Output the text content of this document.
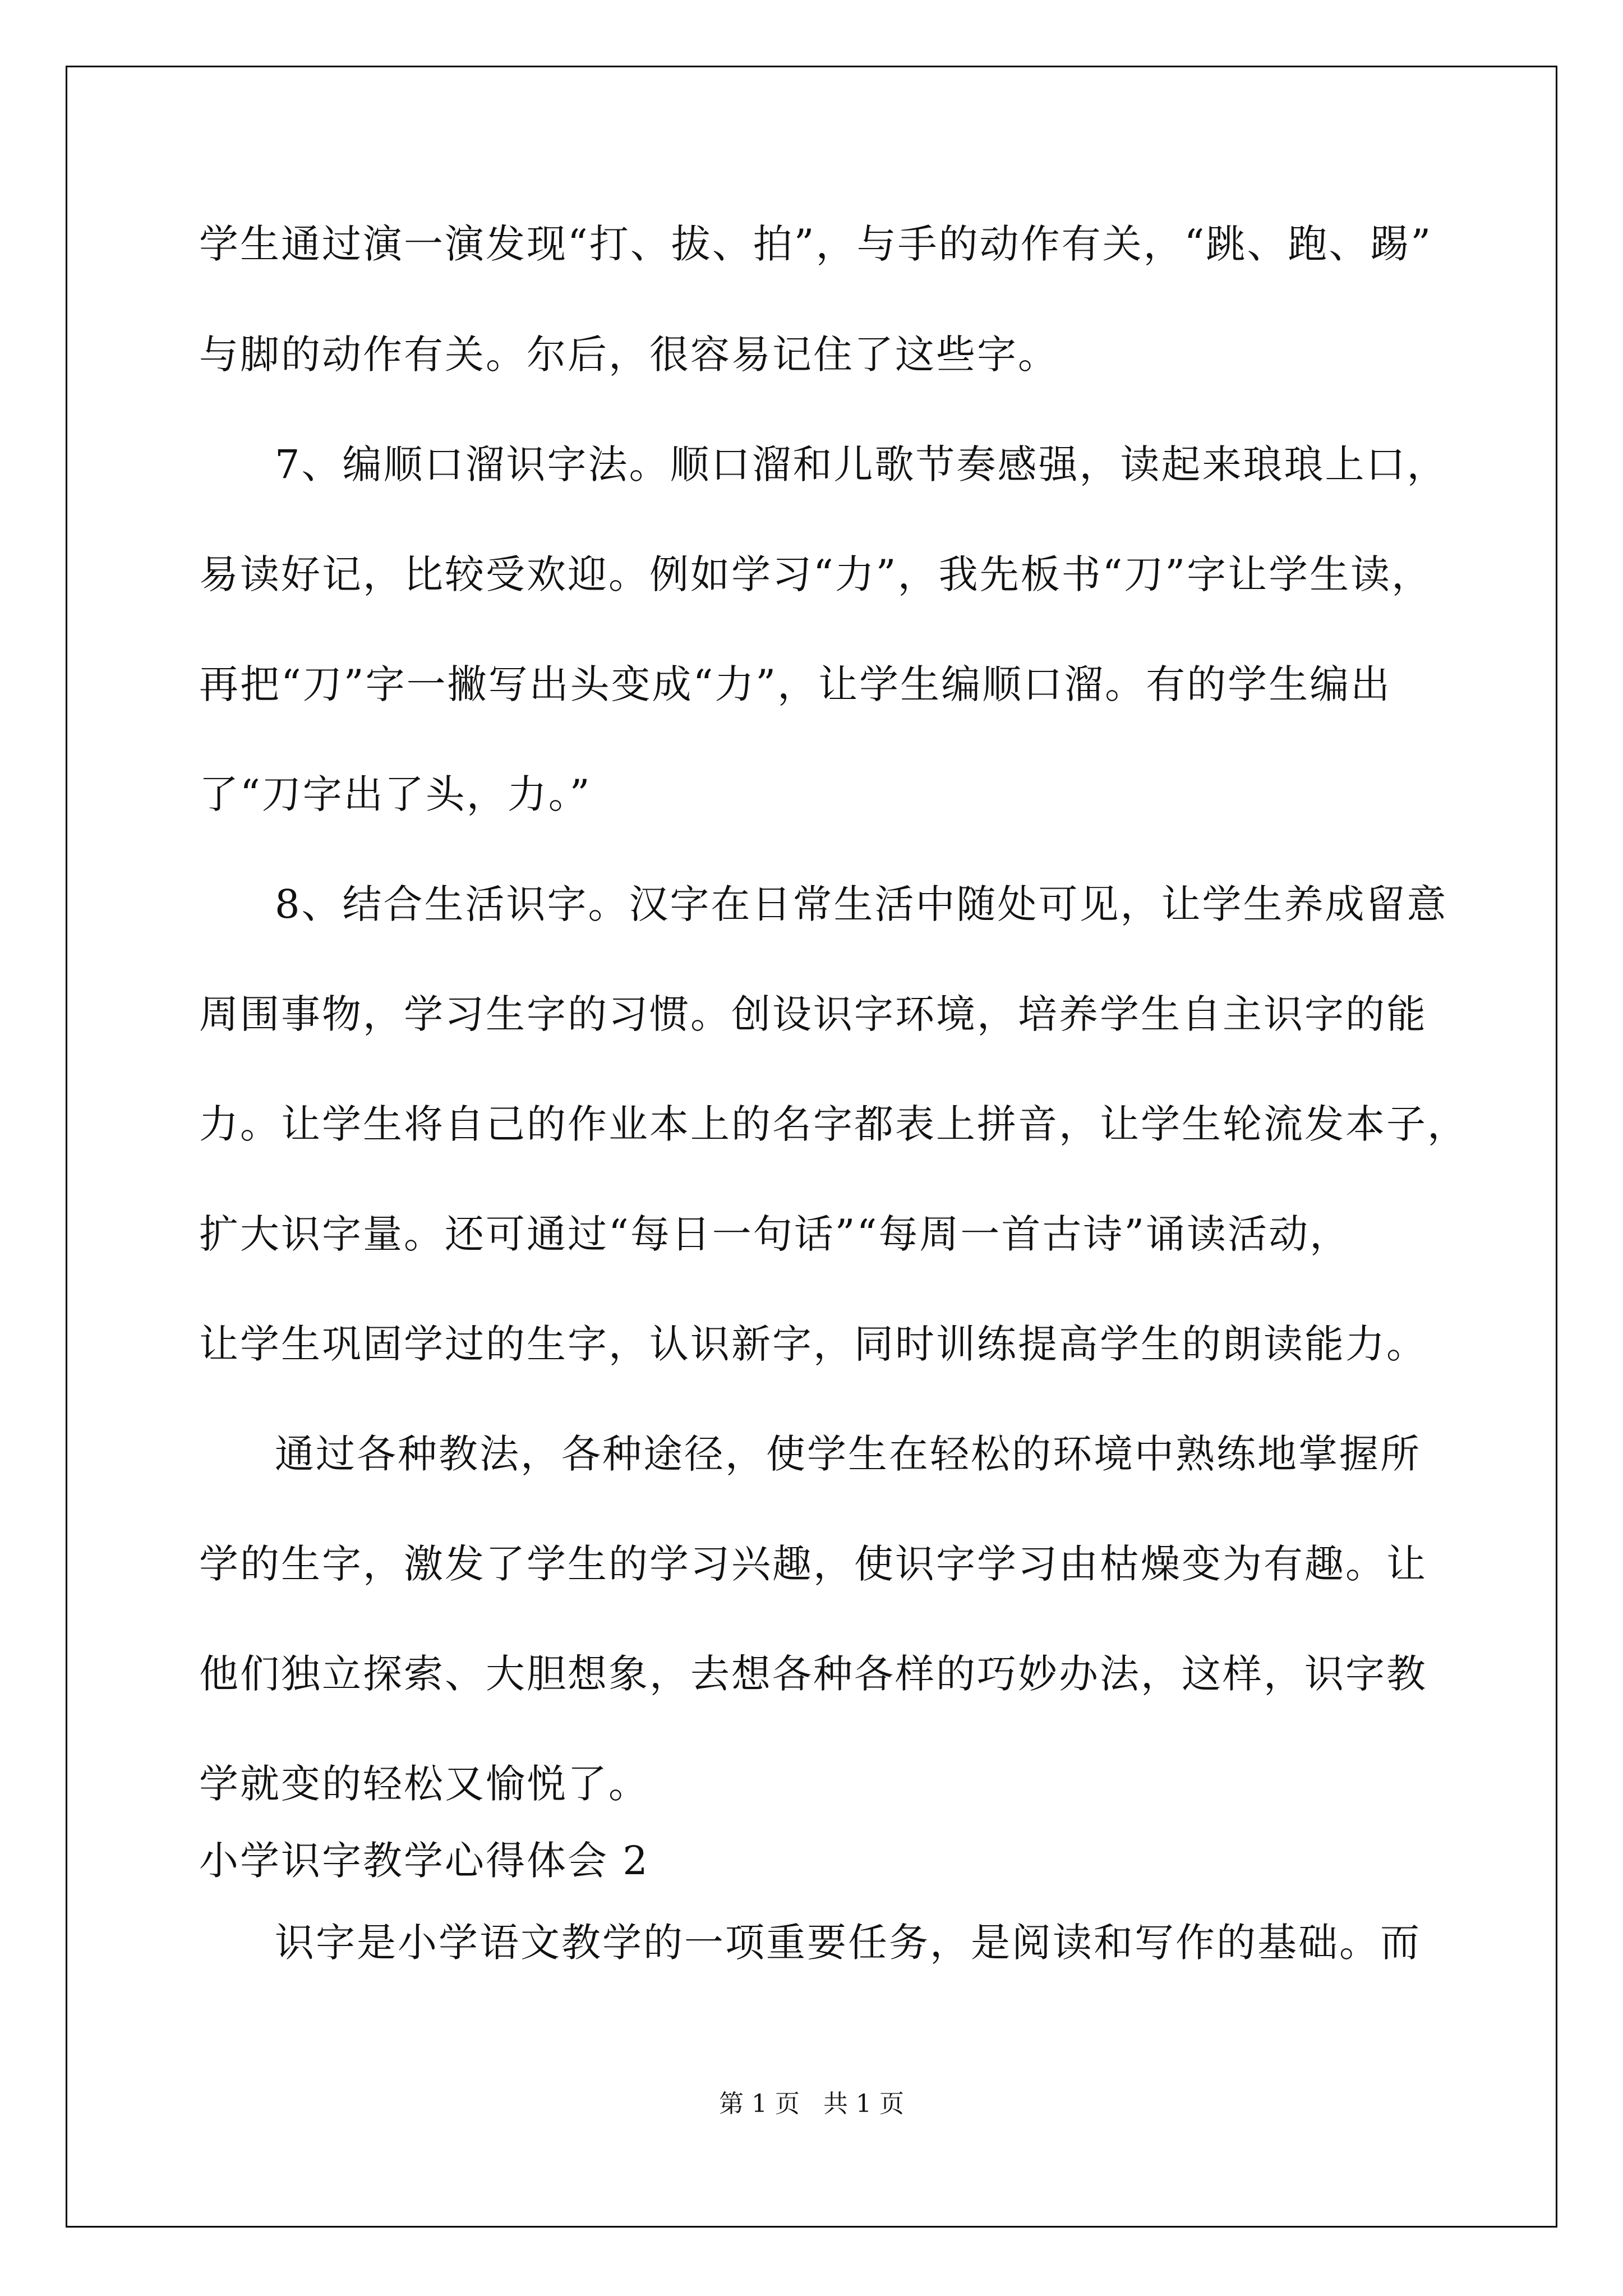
学生通过演一演发现“打、拔、拍”，与手的动作有关，“跳、跑、踢”
与脚的动作有关。尔后，很容易记住了这些字。
7、编顺口溜识字法。顺口溜和儿歌节奏感强，读起来琅琅上口，
易读好记，比较受欢迎。例如学习“力”，我先板书“刀”字让学生读，
再把“刀”字一撇写出头变成“力”，让学生编顺口溜。有的学生编出
了“刀字出了头，力。”
8、结合生活识字。汉字在日常生活中随处可见，让学生养成留意
周围事物，学习生字的习惯。创设识字环境，培养学生自主识字的能
力。让学生将自己的作业本上的名字都表上拼音，让学生轮流发本子，
扩大识字量。还可通过“每日一句话”“每周一首古诗”诵读活动，
让学生巩固学过的生字，认识新字，同时训练提高学生的朗读能力。
通过各种教法，各种途径，使学生在轻松的环境中熟练地掌握所
学的生字，激发了学生的学习兴趣，使识字学习由枯燥变为有趣。让
他们独立探索、大胆想象，去想各种各样的巧妙办法，这样，识字教
学就变的轻松又愉悦了。
小学识字教学心得体会 2
识字是小学语文教学的一项重要任务，是阅读和写作的基础。而
第 1 页   共 1 页
